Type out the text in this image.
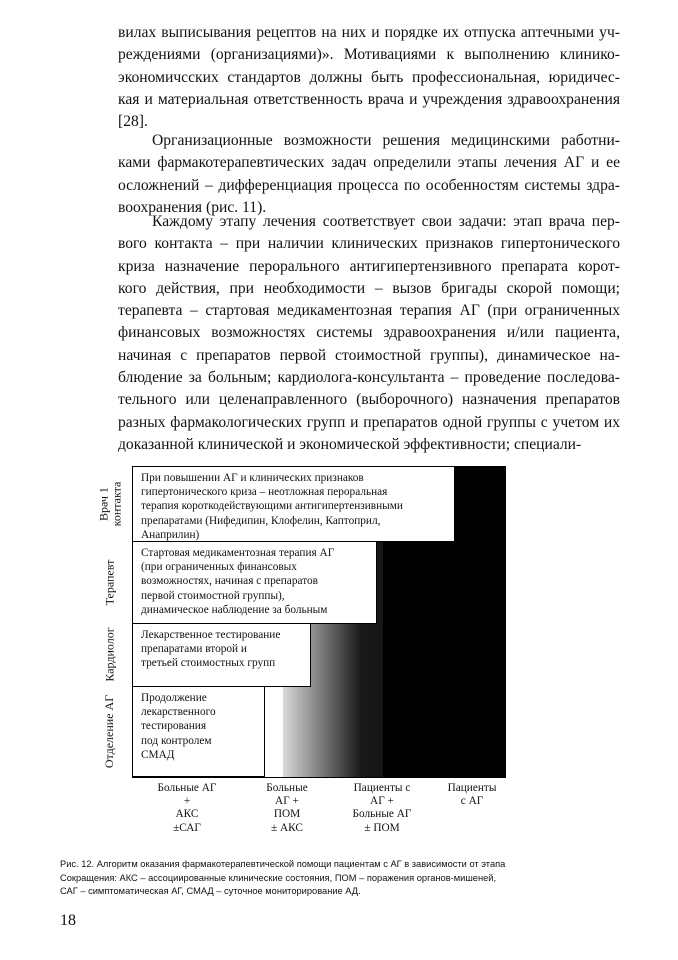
вилах выписывания рецептов на них и порядке их отпуска аптечными уч- реждениями (организациями)». Мотивациями к выполнению клинико- экономичсских стандартов должны быть профессиональная, юридичес- кая и материальная ответственность врача и учреждения здравоохранения [28].

Организационные возможности решения медицинскими работни- ками фармакотерапевтических задач определили этапы лечения АГ и ее осложнений – дифференциация процесса по особенностям системы здра- воохранения (рис. 11).

Каждому этапу лечения соответствует свои задачи: этап врача пер- вого контакта – при наличии клинических признаков гипертонического криза назначение перорального антигипертензивного препарата корот- кого действия, при необходимости – вызов бригады скорой помощи; терапевта – стартовая медикаментозная терапия АГ (при ограниченных финансовых возможностях системы здравоохранения и/или пациента, начиная с препаратов первой стоимостной группы), динамическое на- блюдение за больным; кардиолога-консультанта – проведение последова- тельного или целенаправленного (выборочного) назначения препаратов разных фармакологических групп и препаратов одной группы с учетом их доказанной клинической и экономической эффективности; специали-

Врач 1 контакта
Терапевт
Кардиолог
Отделение АГ
При повышении АГ и клинических признаков
гипертонического криза – неотложная пероральная
терапия короткодействующими антигипертензивными
препаратами (Нифедипин, Клофелин, Каптоприл,
Анаприлин)
Стартовая медикаментозная терапия АГ
(при ограниченных финансовых
возможностях, начиная с препаратов
первой стоимостной группы),
динамическое наблюдение за больным
Лекарственное тестирование
препаратами второй и
третьей стоимостных групп
Продолжение
лекарственного
тестирования
под контролем
СМАД
Больные АГ
+
АКС
±САГ
Больные
АГ +
ПОМ
± АКС
Пациенты с
АГ +
Больные АГ
± ПОМ
Пациенты
с АГ

Рис. 12. Алгоритм оказания фармакотерапевтической помощи пациентам с АГ в зависимости от этапа
Сокращения: АКС – ассоциированные клинические состояния, ПОМ – поражения органов-мишеней,
САГ – симптоматическая АГ, СМАД – суточное мониторирование АД.

18
